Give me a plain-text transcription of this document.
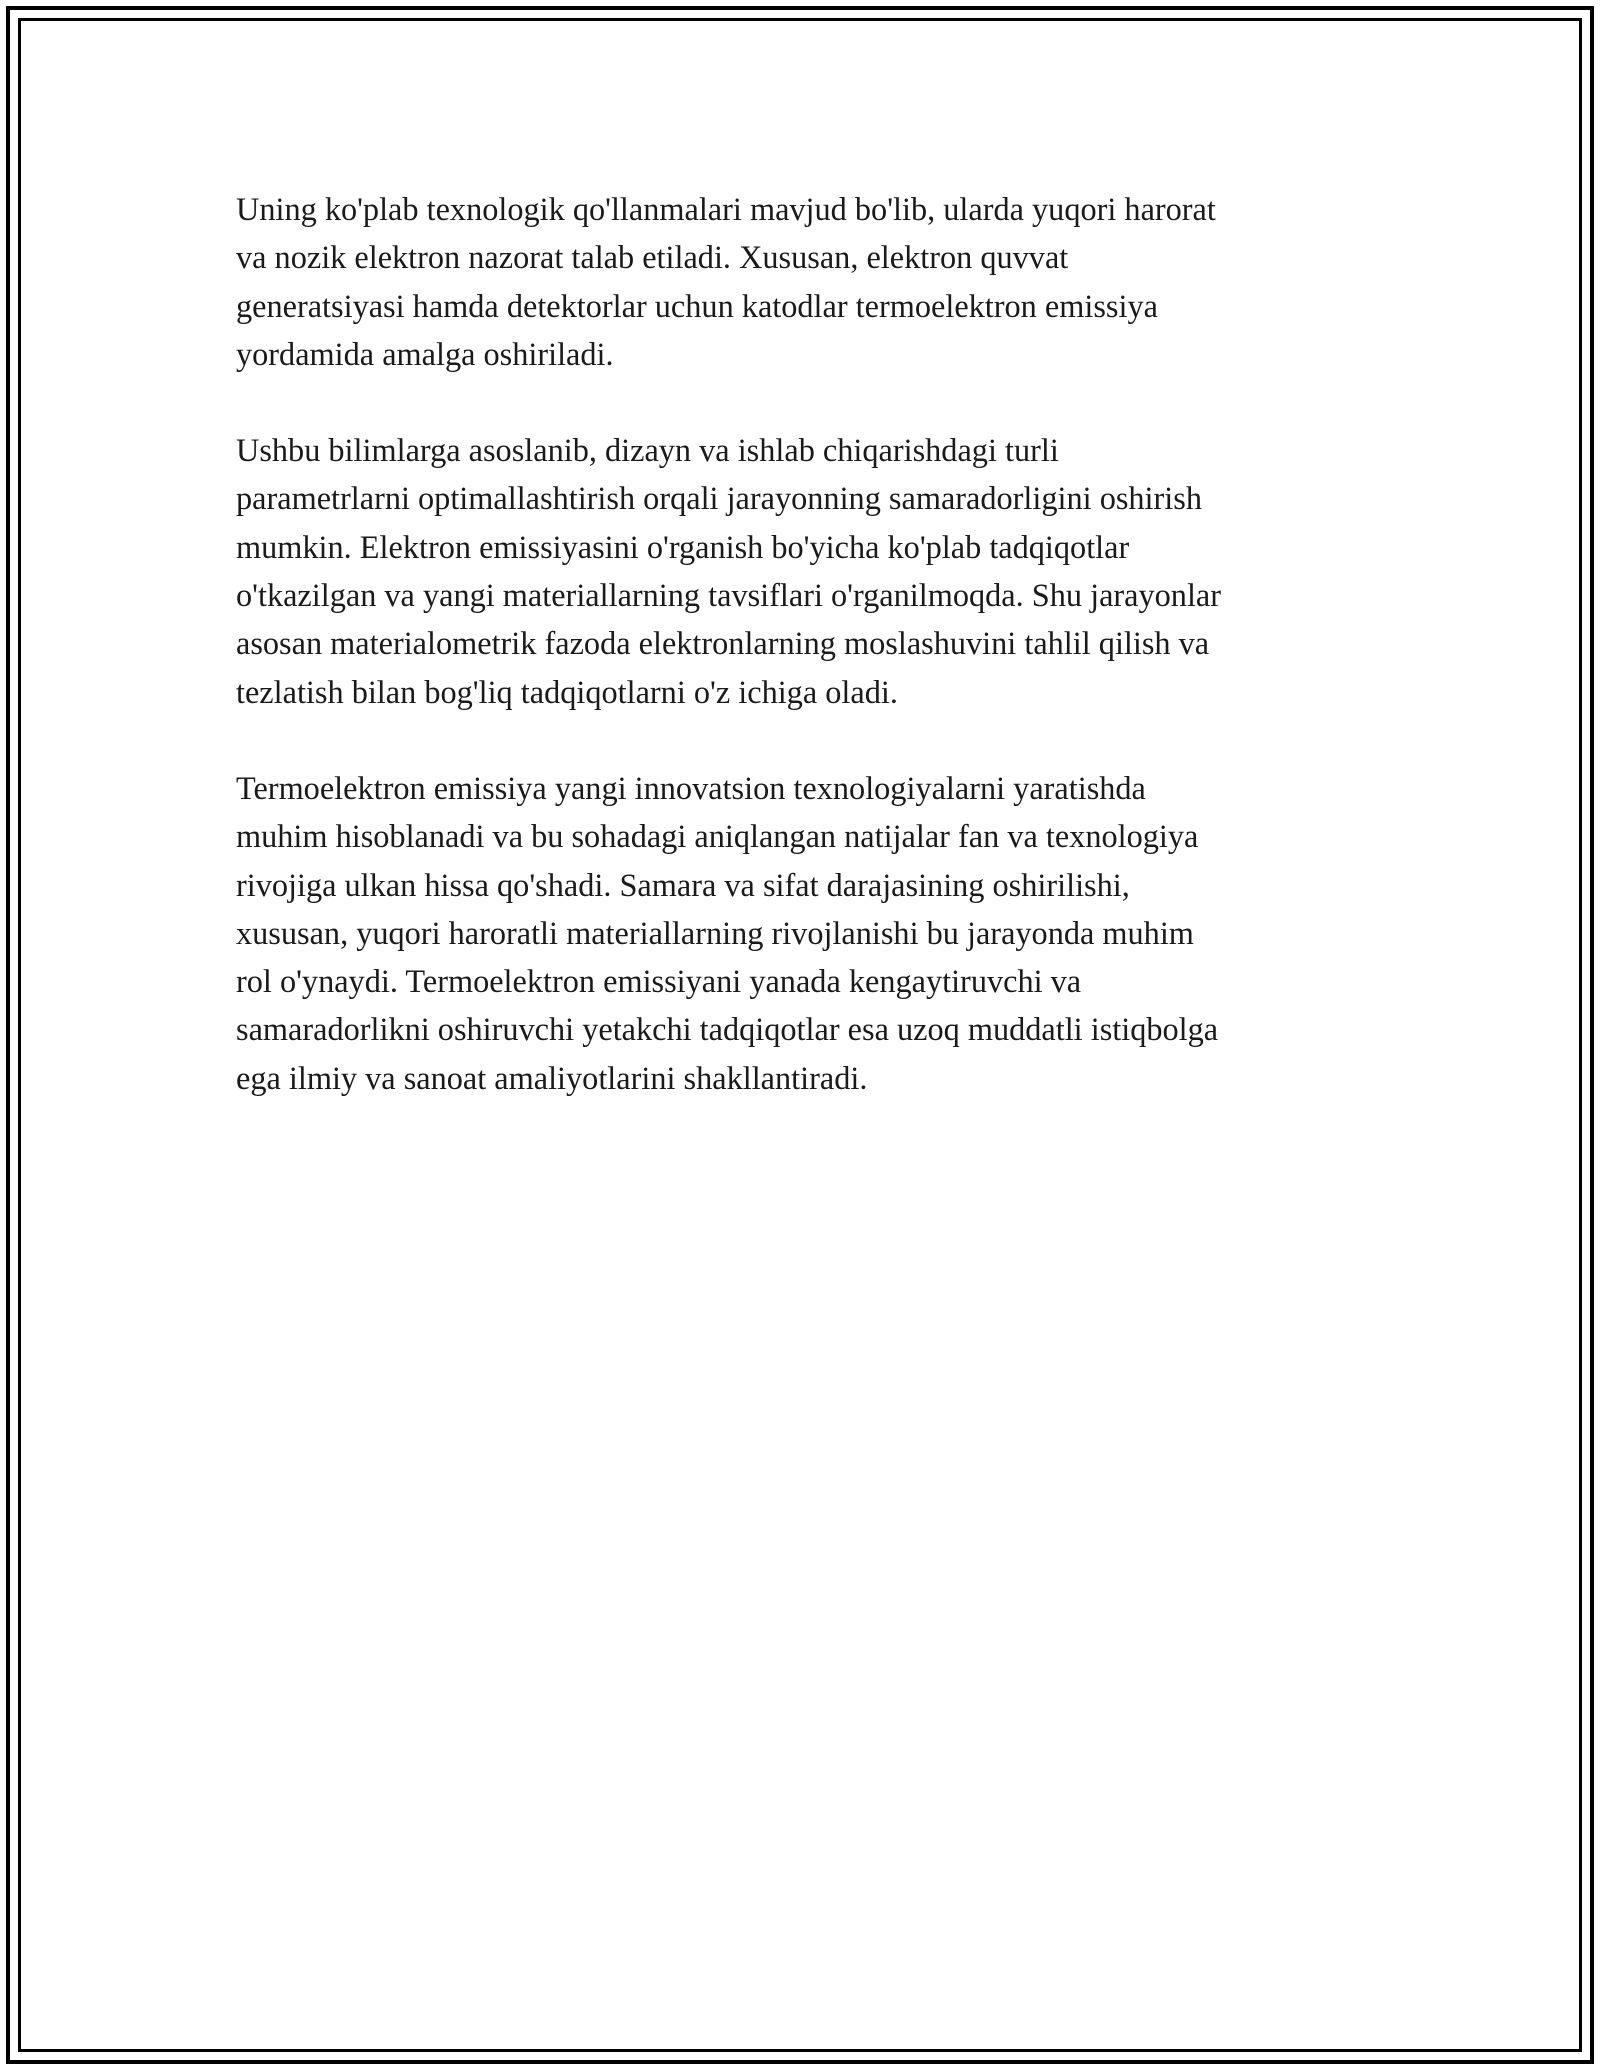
Uning ko'plab texnologik qo'llanmalari mavjud bo'lib, ularda yuqori harorat
va nozik elektron nazorat talab etiladi. Xususan, elektron quvvat
generatsiyasi hamda detektorlar uchun katodlar termoelektron emissiya
yordamida amalga oshiriladi.

Ushbu bilimlarga asoslanib, dizayn va ishlab chiqarishdagi turli
parametrlarni optimallashtirish orqali jarayonning samaradorligini oshirish
mumkin. Elektron emissiyasini o'rganish bo'yicha ko'plab tadqiqotlar
o'tkazilgan va yangi materiallarning tavsiflari o'rganilmoqda. Shu jarayonlar
asosan materialometrik fazoda elektronlarning moslashuvini tahlil qilish va
tezlatish bilan bog'liq tadqiqotlarni o'z ichiga oladi.

Termoelektron emissiya yangi innovatsion texnologiyalarni yaratishda
muhim hisoblanadi va bu sohadagi aniqlangan natijalar fan va texnologiya
rivojiga ulkan hissa qo'shadi. Samara va sifat darajasining oshirilishi,
xususan, yuqori haroratli materiallarning rivojlanishi bu jarayonda muhim
rol o'ynaydi. Termoelektron emissiyani yanada kengaytiruvchi va
samaradorlikni oshiruvchi yetakchi tadqiqotlar esa uzoq muddatli istiqbolga
ega ilmiy va sanoat amaliyotlarini shakllantiradi.
